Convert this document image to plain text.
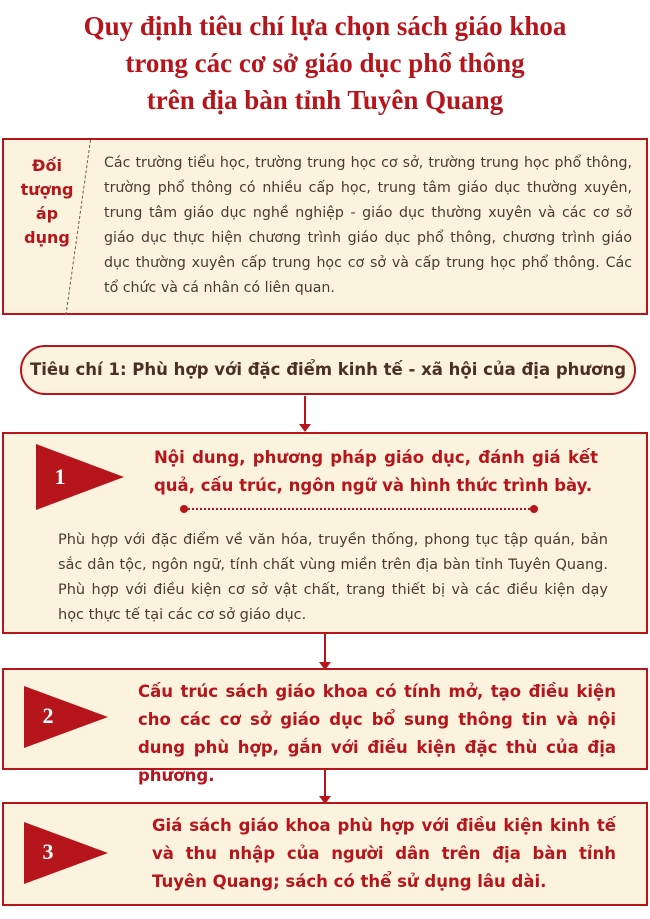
Quy định tiêu chí lựa chọn sách giáo khoa
trong các cơ sở giáo dục phổ thông
trên địa bàn tỉnh Tuyên Quang
Đối
tượng
áp
dụng
Các trường tiểu học, trường trung học cơ sở, trường trung học phổ thông, trường phổ thông có nhiều cấp học, trung tâm giáo dục thường xuyên, trung tâm giáo dục nghề nghiệp - giáo dục thường xuyên và các cơ sở giáo dục thực hiện chương trình giáo dục phổ thông, chương trình giáo dục thường xuyên cấp trung học cơ sở và cấp trung học phổ thông. Các tổ chức và cá nhân có liên quan.
Tiêu chí 1: Phù hợp với đặc điểm kinh tế - xã hội của địa phương
1
Nội dung, phương pháp giáo dục, đánh giá kết quả, cấu trúc, ngôn ngữ và hình thức trình bày.
Phù hợp với đặc điểm về văn hóa, truyền thống, phong tục tập quán, bản sắc dân tộc, ngôn ngữ, tính chất vùng miền trên địa bàn tỉnh Tuyên Quang. Phù hợp với điều kiện cơ sở vật chất, trang thiết bị và các điều kiện dạy học thực tế tại các cơ sở giáo dục.
2
Cấu trúc sách giáo khoa có tính mở, tạo điều kiện cho các cơ sở giáo dục bổ sung thông tin và nội dung phù hợp, gắn với điều kiện đặc thù của địa phương.
3
Giá sách giáo khoa phù hợp với điều kiện kinh tế và thu nhập của người dân trên địa bàn tỉnh Tuyên Quang; sách có thể sử dụng lâu dài.
